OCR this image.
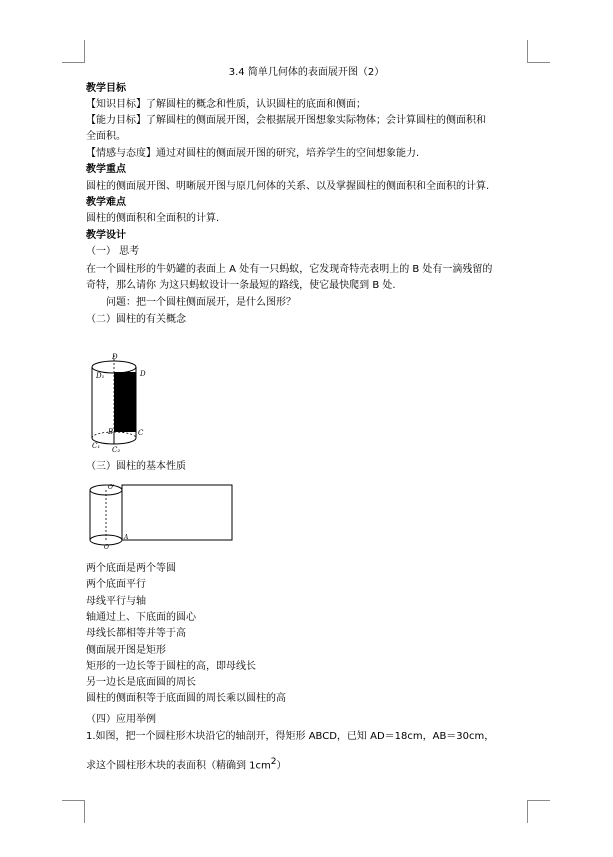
3.4 简单几何体的表面展开图（2）
教学目标
【知识目标】了解圆柱的概念和性质，认识圆柱的底面和侧面；
【能力目标】了解圆柱的侧面展开图，会根据展开图想象实际物体；会计算圆柱的侧面积和
全面积。
【情感与态度】通过对圆柱的侧面展开图的研究，培养学生的空间想象能力.
教学重点
圆柱的侧面展开图、明晰展开图与原几何体的关系、以及掌握圆柱的侧面积和全面积的计算.
教学难点
圆柱的侧面积和全面积的计算.
教学设计
（一） 思考
在一个圆柱形的牛奶罐的表面上 A 处有一只蚂蚁，它发现奇特壳表明上的 B 处有一滴残留的
奇特，那么请你 为这只蚂蚁设计一条最短的路线，使它最快爬到 B 处.
问题：把一个圆柱侧面展开，是什么图形？
（二）圆柱的有关概念
D
D₁	D
B	C
C₁ C₂
（三）圆柱的基本性质
O'
A
O
两个底面是两个等圆
两个底面平行
母线平行与轴
轴通过上、下底面的圆心
母线长都相等并等于高
侧面展开图是矩形
矩形的一边长等于圆柱的高，即母线长
另一边长是底面圆的周长
圆柱的侧面积等于底面圆的周长乘以圆柱的高
（四）应用举例
1.如图，把一个圆柱形木块沿它的轴剖开，得矩形 ABCD，已知 AD＝18cm，AB＝30cm，
求这个圆柱形木块的表面积（精确到 $1cm^2$）
